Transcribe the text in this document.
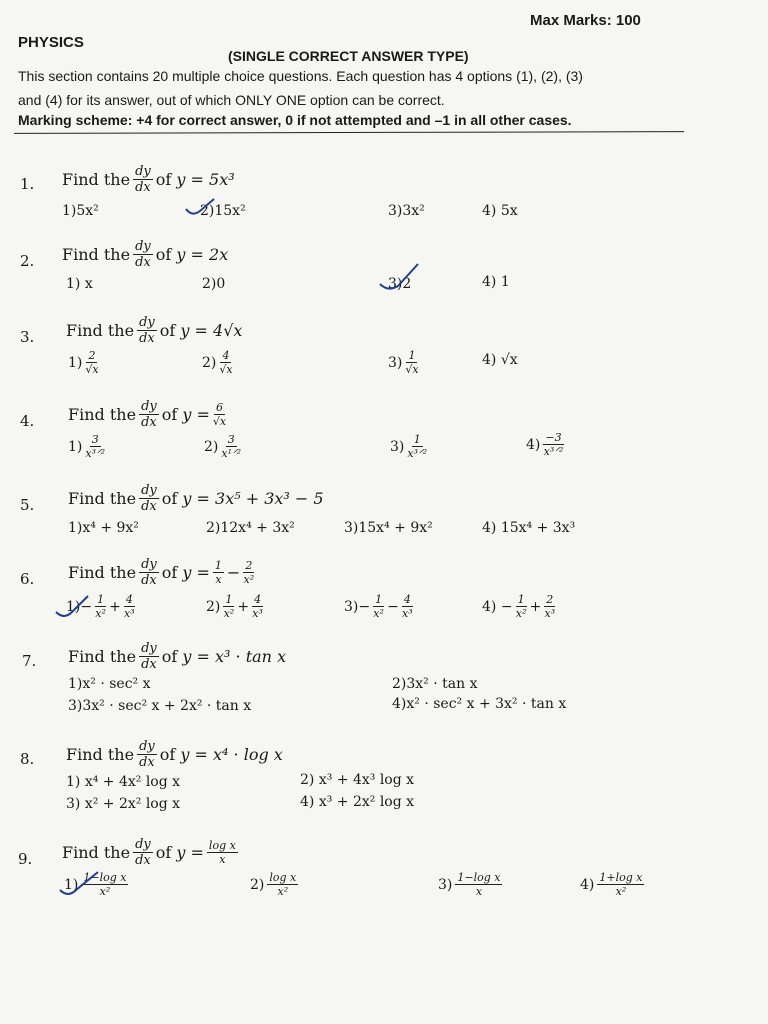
PHYSICS
Max Marks: 100
(SINGLE CORRECT ANSWER TYPE)
This section contains 20 multiple choice questions. Each question has 4 options (1), (2), (3)
and (4) for its answer, out of which ONLY ONE option can be correct.
Marking scheme: +4 for correct answer, 0 if not attempted and –1 in all other cases.
1. Find the $\frac{dy}{dx}$ of
y = 5x³
1)5x²	2)15x²	3)3x²	4) 5x
2. Find the $\frac{dy}{dx}$ of
y = 2x
1) x	2)0	3)2	4) 1
3. Find the $\frac{dy}{dx}$ of
y = 4√x
$1) \frac{2}{√x}$	$2) \frac{4}{√x}$	$3) \frac{1}{√x}$	4) √x
4. Find the $\frac{dy}{dx}$ of
$y = \frac{6}{√x}$
$1) \frac{3}{\text{x³ᐟ²}}$	$2) \frac{3}{\text{x¹ᐟ²}}$	$3) \frac{1}{\text{x³ᐟ²}}$	$4) \frac{-3}{\text{x³ᐟ²}}$
5. Find the $\frac{dy}{dx}$ of
y = 3x⁵ + 3x³ − 5
1)x⁴ + 9x²	2)12x⁴ + 3x²	3)15x⁴ + 9x²	4) 15x⁴ + 3x³
6. Find the $\frac{dy}{dx}$ of
$y = \frac{1}{x} - \frac{2}{\text{x²}}$
$1)- \frac{1}{\text{x²}} + \frac{4}{\text{x³}}$	$2) \frac{1}{\text{x²}} + \frac{4}{\text{x³}}$	$3)- \frac{1}{\text{x²}} - \frac{4}{\text{x³}}$	$4) - \frac{1}{\text{x²}} + \frac{2}{\text{x³}}$
7. Find the $\frac{dy}{dx}$ of
y = x³ · tan x
1)x² · sec² x	2)3x² · tan x
3)3x² · sec² x + 2x² · tan x	4)x² · sec² x + 3x² · tan x
8. Find the $\frac{dy}{dx}$ of
y = x⁴ · log x
1) x⁴ + 4x² log x	2) x³ + 4x³ log x
3) x² + 2x² log x	4) x³ + 2x² log x
9. Find the $\frac{dy}{dx}$ of
$y = \frac{\text{log x}}{x}$
$1) \frac{\text{1−log x}}{\text{x²}}$	$2) \frac{\text{log x}}{\text{x²}}$	$3) \frac{\text{1−log x}}{x}$	$4) \frac{\text{1+log x}}{\text{x²}}$
